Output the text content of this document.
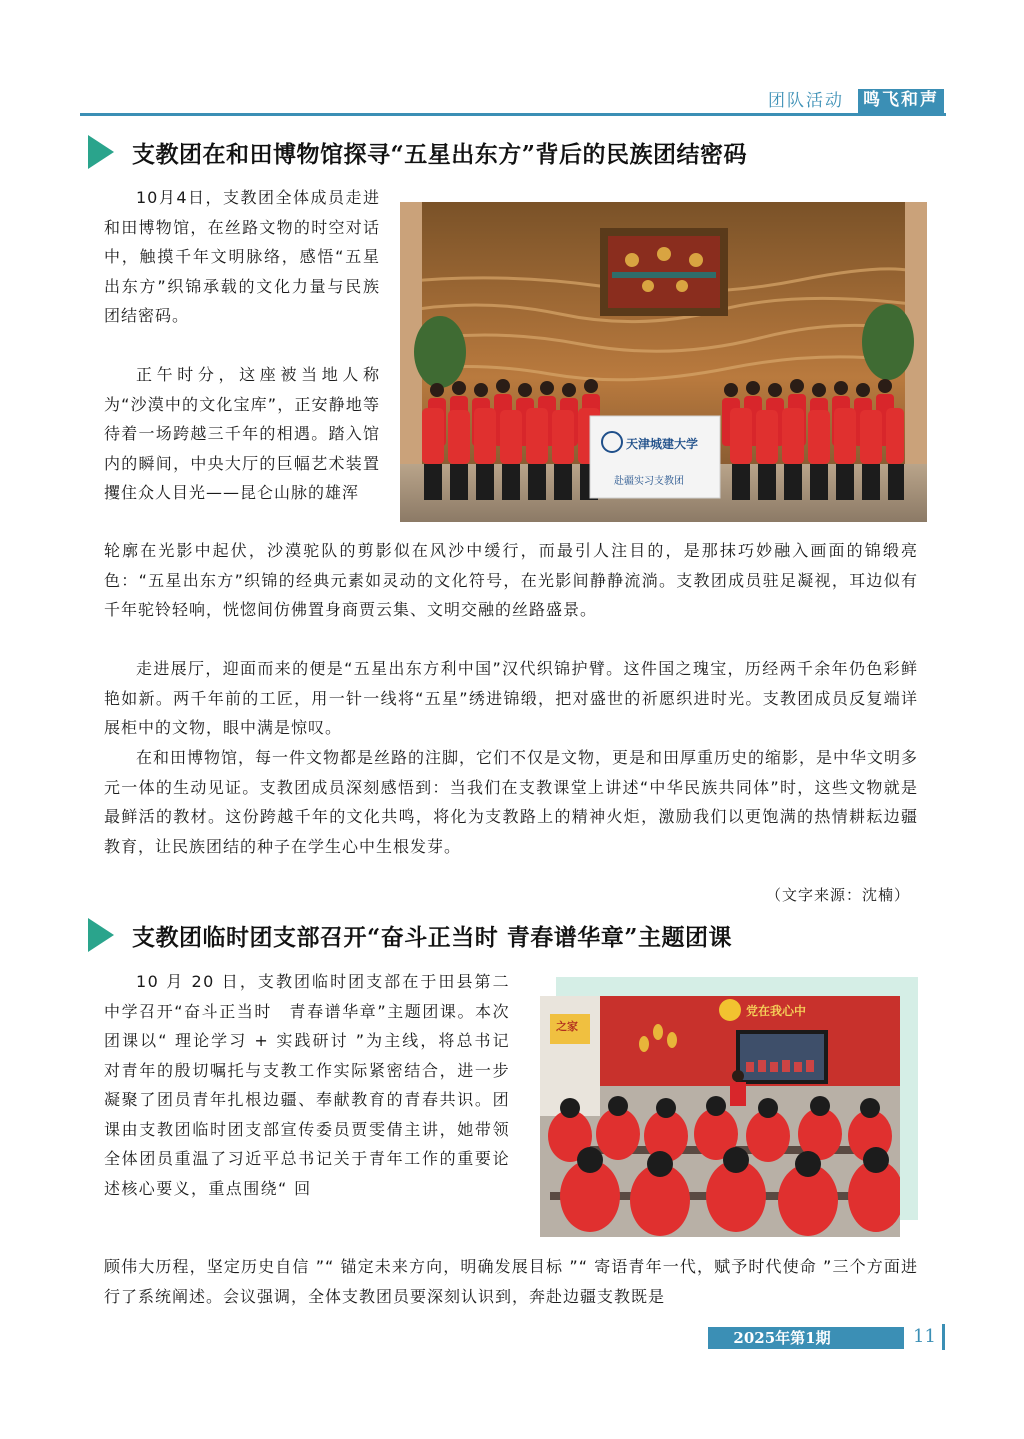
团队活动 鸣飞和声
支教团在和田博物馆探寻“五星出东方”背后的民族团结密码

10月4日，支教团全体成员走进和田博物馆，在丝路文物的时空对话中，触摸千年文明脉络，感悟“五星出东方”织锦承载的文化力量与民族团结密码。

正午时分，这座被当地人称为“沙漠中的文化宝库”，正安静地等待着一场跨越三千年的相遇。踏入馆内的瞬间，中央大厅的巨幅艺术装置攫住众人目光——昆仑山脉的雄浑

轮廓在光影中起伏，沙漠驼队的剪影似在风沙中缓行，而最引人注目的，是那抹巧妙融入画面的锦缎亮色：“五星出东方”织锦的经典元素如灵动的文化符号，在光影间静静流淌。支教团成员驻足凝视，耳边似有千年驼铃轻响，恍惚间仿佛置身商贾云集、文明交融的丝路盛景。

走进展厅，迎面而来的便是“五星出东方利中国”汉代织锦护臂。这件国之瑰宝，历经两千余年仍色彩鲜艳如新。两千年前的工匠，用一针一线将“五星”绣进锦缎，把对盛世的祈愿织进时光。支教团成员反复端详展柜中的文物，眼中满是惊叹。

在和田博物馆，每一件文物都是丝路的注脚，它们不仅是文物，更是和田厚重历史的缩影，是中华文明多元一体的生动见证。支教团成员深刻感悟到：当我们在支教课堂上讲述“中华民族共同体”时，这些文物就是最鲜活的教材。这份跨越千年的文化共鸣，将化为支教路上的精神火炬，激励我们以更饱满的热情耕耘边疆教育，让民族团结的种子在学生心中生根发芽。

（文字来源：沈楠）
天津城建大学
赴疆实习支教团
支教团临时团支部召开“奋斗正当时 青春谱华章”主题团课
党在我心中
之家

10 月 20 日，支教团临时团支部在于田县第二中学召开“奋斗正当时　青春谱华章”主题团课。本次团课以“ 理论学习 + 实践研讨 ”为主线，将总书记对青年的殷切嘱托与支教工作实际紧密结合，进一步凝聚了团员青年扎根边疆、奉献教育的青春共识。团课由支教团临时团支部宣传委员贾雯倩主讲，她带领全体团员重温了习近平总书记关于青年工作的重要论述核心要义，重点围绕“ 回

顾伟大历程，坚定历史自信 ”“ 锚定未来方向，明确发展目标 ”“ 寄语青年一代，赋予时代使命 ”三个方面进行了系统阐述。会议强调，全体支教团员要深刻认识到，奔赴边疆支教既是

2025年第1期	11
